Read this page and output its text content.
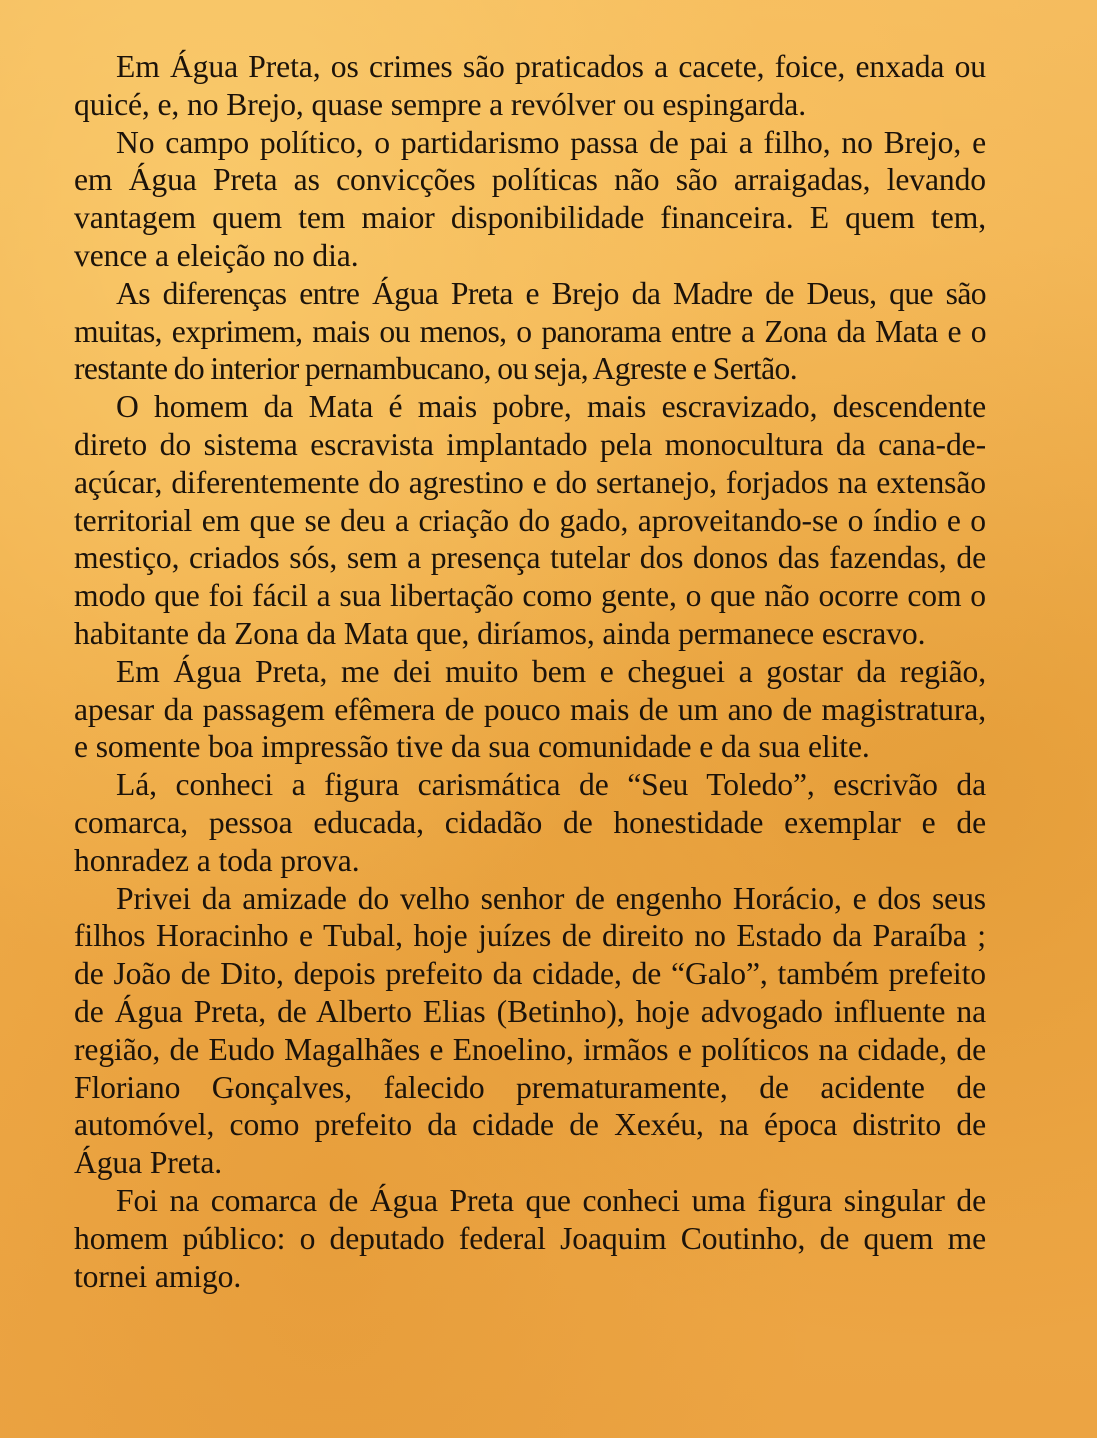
Em Água Preta, os crimes são praticados a cacete, foice, enxada ou quicé, e, no Brejo, quase sempre a revólver ou espingarda.

No campo político, o partidarismo passa de pai a filho, no Brejo, e em Água Preta as convicções políticas não são arraigadas, levando vantagem quem tem maior disponibilidade financeira. E quem tem, vence a eleição no dia.

As diferenças entre Água Preta e Brejo da Madre de Deus, que são muitas, exprimem, mais ou menos, o panorama entre a Zona da Mata e o restante do interior pernambucano, ou seja, Agreste e Sertão.

O homem da Mata é mais pobre, mais escravizado, descendente direto do sistema escravista implantado pela monocultura da cana-de-açúcar, diferentemente do agrestino e do sertanejo, forjados na extensão territorial em que se deu a criação do gado, aproveitando-se o índio e o mestiço, criados sós, sem a presença tutelar dos donos das fazendas, de modo que foi fácil a sua libertação como gente, o que não ocorre com o habitante da Zona da Mata que, diríamos, ainda permanece escravo.

Em Água Preta, me dei muito bem e cheguei a gostar da região, apesar da passagem efêmera de pouco mais de um ano de magistratura, e somente boa impressão tive da sua comunidade e da sua elite.

Lá, conheci a figura carismática de “Seu Toledo”, escrivão da comarca, pessoa educada, cidadão de honestidade exemplar e de honradez a toda prova.

Privei da amizade do velho senhor de engenho Horácio, e dos seus filhos Horacinho e Tubal, hoje juízes de direito no Estado da Paraíba ; de João de Dito, depois prefeito da cidade, de “Galo”, também prefeito de Água Preta, de Alberto Elias (Betinho), hoje advogado influente na região, de Eudo Magalhães e Enoelino, irmãos e políticos na cidade, de Floriano Gonçalves, falecido prematuramente, de acidente de automóvel, como prefeito da cidade de Xexéu, na época distrito de Água Preta.

Foi na comarca de Água Preta que conheci uma figura singular de homem público: o deputado federal Joaquim Coutinho, de quem me tornei amigo.
